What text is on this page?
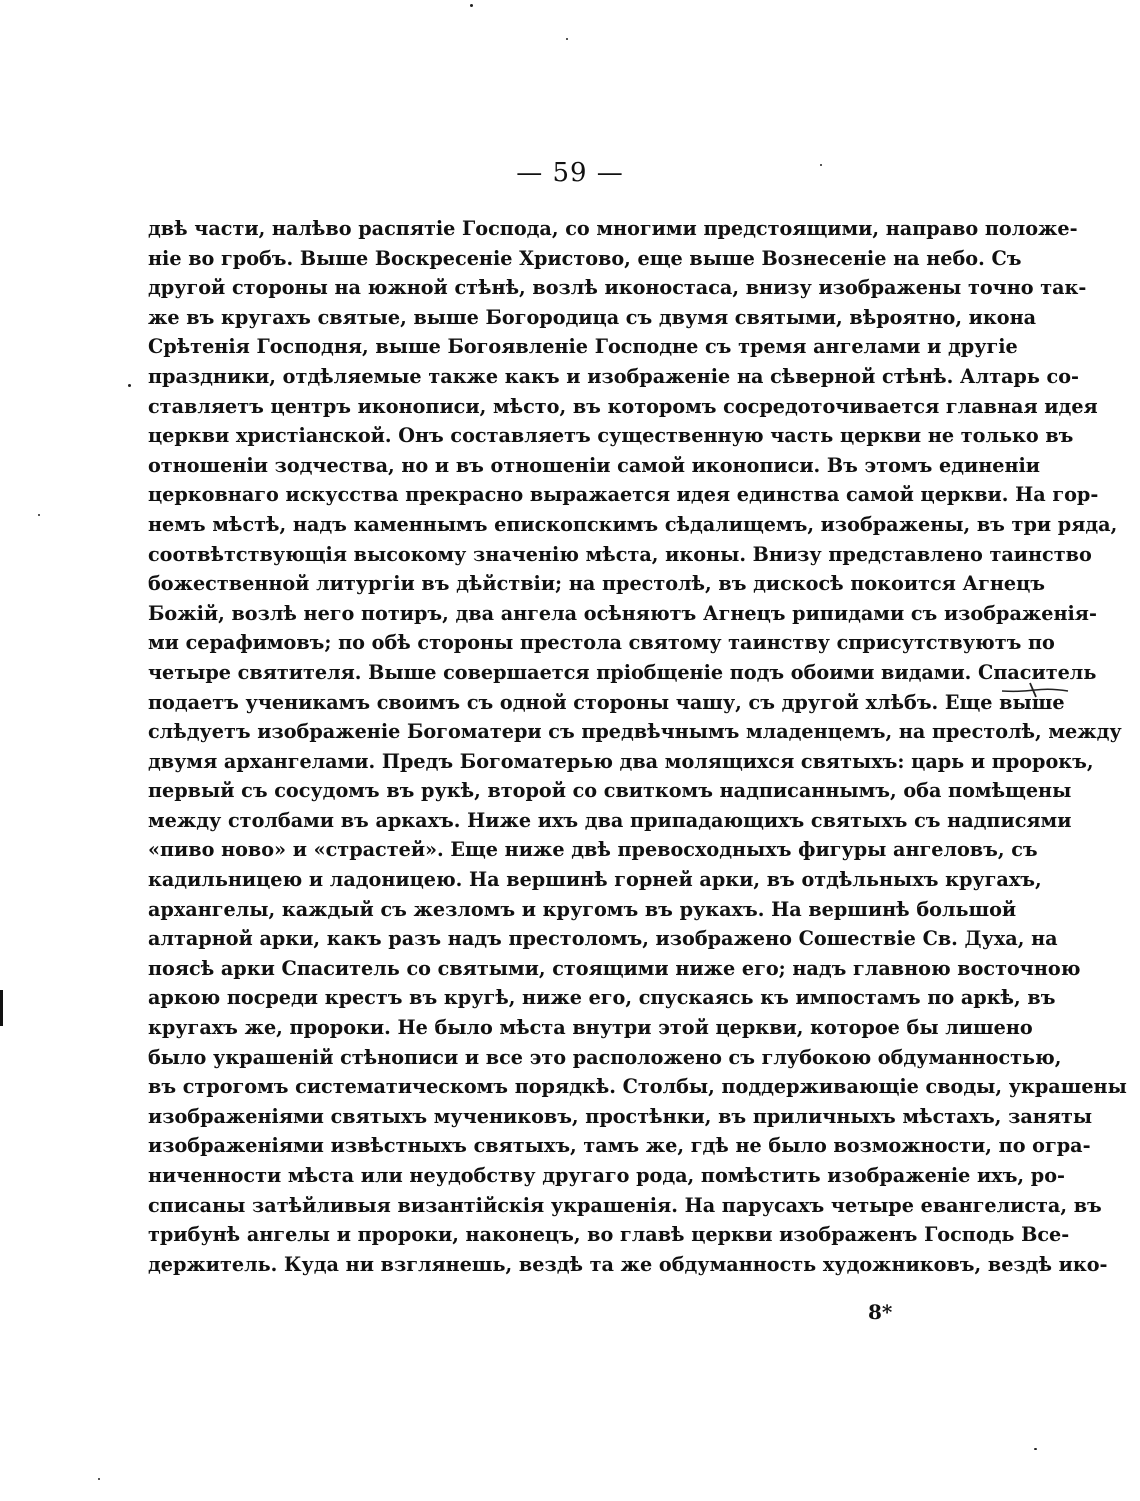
— 59 —
двѣ части, налѣво распятіе Господа, со многими предстоящими, направо положе-
ніе во гробъ. Выше Воскресеніе Христово, еще выше Вознесеніе на небо. Съ
другой стороны на южной стѣнѣ, возлѣ иконостаса, внизу изображены точно так-
же въ кругахъ святые, выше Богородица съ двумя святыми, вѣроятно, икона
Срѣтенія Господня, выше Богоявленіе Господне съ тремя ангелами и другіе
праздники, отдѣляемые также какъ и изображеніе на сѣверной стѣнѣ. Алтарь со-
ставляетъ центръ иконописи, мѣсто, въ которомъ сосредоточивается главная идея
церкви христіанской. Онъ составляетъ существенную часть церкви не только въ
отношеніи зодчества, но и въ отношеніи самой иконописи. Въ этомъ единеніи
церковнаго искусства прекрасно выражается идея единства самой церкви. На гор-
немъ мѣстѣ, надъ каменнымъ епископскимъ сѣдалищемъ, изображены, въ три ряда,
соотвѣтствующія высокому значенію мѣста, иконы. Внизу представлено таинство
божественной литургіи въ дѣйствіи; на престолѣ, въ дискосѣ покоится Агнецъ
Божій, возлѣ него потиръ, два ангела осѣняютъ Агнецъ рипидами съ изображенія-
ми серафимовъ; по обѣ стороны престола святому таинству сприсутствуютъ по
четыре святителя. Выше совершается пріобщеніе подъ обоими видами. Спаситель
подаетъ ученикамъ своимъ съ одной стороны чашу, съ другой хлѣбъ. Еще выше
слѣдуетъ изображеніе Богоматери съ предвѣчнымъ младенцемъ, на престолѣ, между
двумя архангелами. Предъ Богоматерью два молящихся святыхъ: царь и пророкъ,
первый съ сосудомъ въ рукѣ, второй со свиткомъ надписаннымъ, оба помѣщены
между столбами въ аркахъ. Ниже ихъ два припадающихъ святыхъ съ надписями
«пиво ново» и «страстей». Еще ниже двѣ превосходныхъ фигуры ангеловъ, съ
кадильницею и ладоницею. На вершинѣ горней арки, въ отдѣльныхъ кругахъ,
архангелы, каждый съ жезломъ и кругомъ въ рукахъ. На вершинѣ большой
алтарной арки, какъ разъ надъ престоломъ, изображено Сошествіе Св. Духа, на
поясѣ арки Спаситель со святыми, стоящими ниже его; надъ главною восточною
аркою посреди крестъ въ кругѣ, ниже его, спускаясь къ импостамъ по аркѣ, въ
кругахъ же, пророки. Не было мѣста внутри этой церкви, которое бы лишено
было украшеній стѣнописи и все это расположено съ глубокою обдуманностью,
въ строгомъ систематическомъ порядкѣ. Столбы, поддерживающіе своды, украшены
изображеніями святыхъ мучениковъ, простѣнки, въ приличныхъ мѣстахъ, заняты
изображеніями извѣстныхъ святыхъ, тамъ же, гдѣ не было возможности, по огра-
ниченности мѣста или неудобству другаго рода, помѣстить изображеніе ихъ, ро-
списаны затѣйливыя византійскія украшенія. На парусахъ четыре евангелиста, въ
трибунѣ ангелы и пророки, наконецъ, во главѣ церкви изображенъ Господь Все-
держитель. Куда ни взглянешь, вездѣ та же обдуманность художниковъ, вездѣ ико-
8*
